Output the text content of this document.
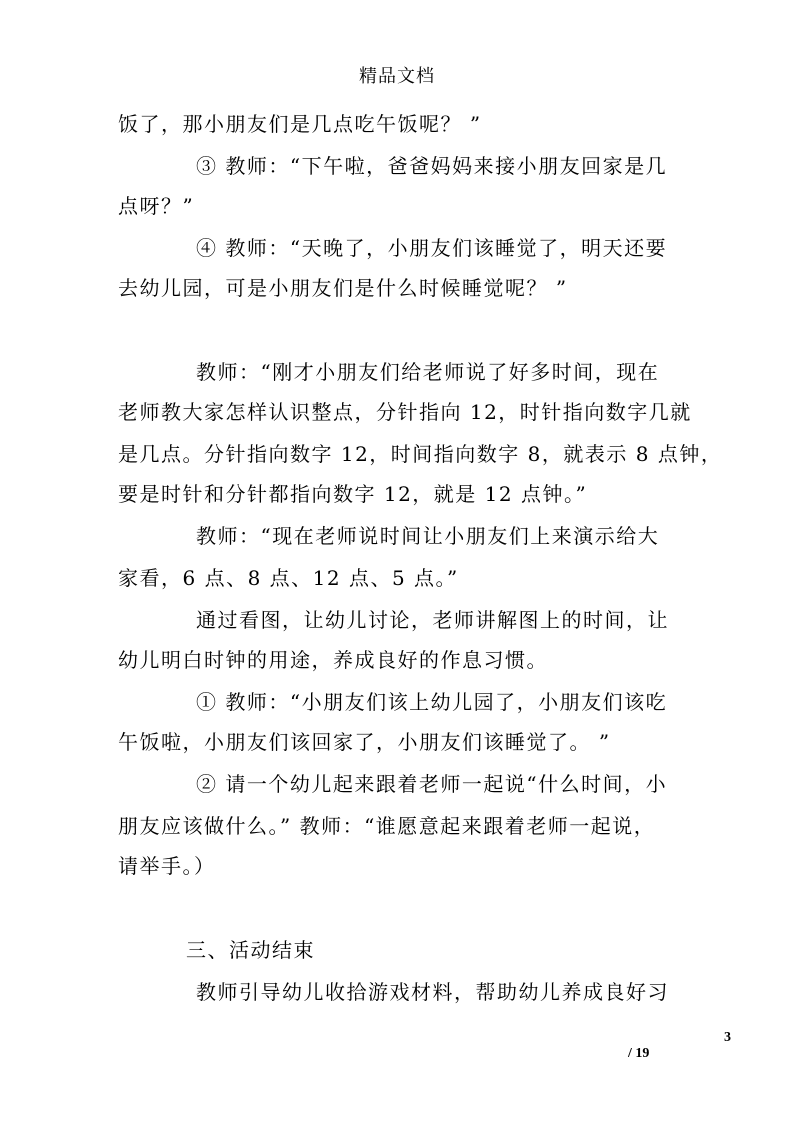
精品文档
饭了，那小朋友们是几点吃午饭呢？ ”
③ 教师：“下午啦，爸爸妈妈来接小朋友回家是几
点呀？”
④ 教师：“天晚了，小朋友们该睡觉了，明天还要
去幼儿园，可是小朋友们是什么时候睡觉呢？ ”
教师：“刚才小朋友们给老师说了好多时间，现在
老师教大家怎样认识整点，分针指向 12，时针指向数字几就
是几点。分针指向数字 12，时间指向数字 8，就表示 8 点钟，
要是时针和分针都指向数字 12，就是 12 点钟。”
教师：“现在老师说时间让小朋友们上来演示给大
家看，6 点、8 点、12 点、5 点。”
通过看图，让幼儿讨论，老师讲解图上的时间，让
幼儿明白时钟的用途，养成良好的作息习惯。
① 教师：“小朋友们该上幼儿园了，小朋友们该吃
午饭啦，小朋友们该回家了，小朋友们该睡觉了。 ”
② 请一个幼儿起来跟着老师一起说“什么时间，小
朋友应该做什么。” 教师：“谁愿意起来跟着老师一起说，
请举手。）
三、活动结束
教师引导幼儿收拾游戏材料，帮助幼儿养成良好习
3
/ 19
